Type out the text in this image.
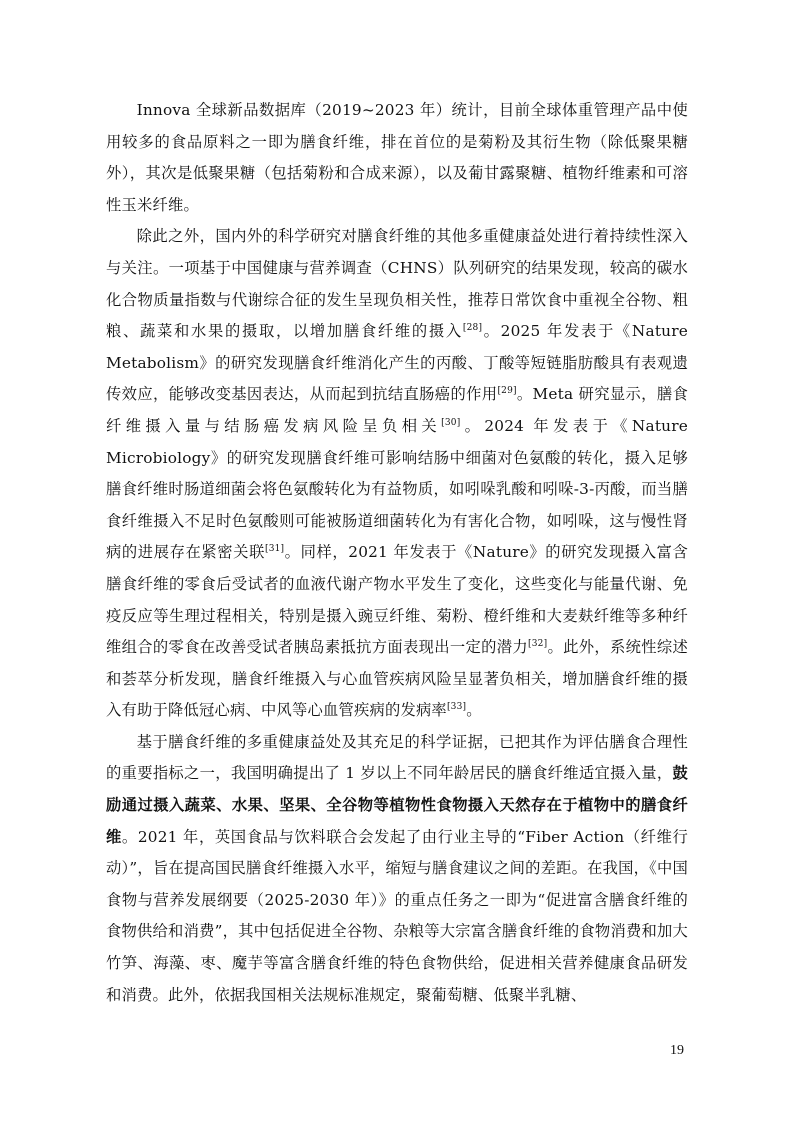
Innova 全球新品数据库（2019~2023 年）统计，目前全球体重管理产品中使用较多的食品原料之一即为膳食纤维，排在首位的是菊粉及其衍生物（除低聚果糖外），其次是低聚果糖（包括菊粉和合成来源），以及葡甘露聚糖、植物纤维素和可溶性玉米纤维。

除此之外，国内外的科学研究对膳食纤维的其他多重健康益处进行着持续性深入与关注。一项基于中国健康与营养调查（CHNS）队列研究的结果发现，较高的碳水化合物质量指数与代谢综合征的发生呈现负相关性，推荐日常饮食中重视全谷物、粗粮、蔬菜和水果的摄取，以增加膳食纤维的摄入[28]。2025 年发表于《Nature Metabolism》的研究发现膳食纤维消化产生的丙酸、丁酸等短链脂肪酸具有表观遗传效应，能够改变基因表达，从而起到抗结直肠癌的作用[29]。Meta 研究显示，膳食纤维摄入量与结肠癌发病风险呈负相关[30]。2024 年发表于《Nature Microbiology》的研究发现膳食纤维可影响结肠中细菌对色氨酸的转化，摄入足够膳食纤维时肠道细菌会将色氨酸转化为有益物质，如吲哚乳酸和吲哚-3-丙酸，而当膳食纤维摄入不足时色氨酸则可能被肠道细菌转化为有害化合物，如吲哚，这与慢性肾病的进展存在紧密关联[31]。同样，2021 年发表于《Nature》的研究发现摄入富含膳食纤维的零食后受试者的血液代谢产物水平发生了变化，这些变化与能量代谢、免疫反应等生理过程相关，特别是摄入豌豆纤维、菊粉、橙纤维和大麦麸纤维等多种纤维组合的零食在改善受试者胰岛素抵抗方面表现出一定的潜力[32]。此外，系统性综述和荟萃分析发现，膳食纤维摄入与心血管疾病风险呈显著负相关，增加膳食纤维的摄入有助于降低冠心病、中风等心血管疾病的发病率[33]。

基于膳食纤维的多重健康益处及其充足的科学证据，已把其作为评估膳食合理性的重要指标之一，我国明确提出了 1 岁以上不同年龄居民的膳食纤维适宜摄入量，鼓励通过摄入蔬菜、水果、坚果、全谷物等植物性食物摄入天然存在于植物中的膳食纤维。2021 年，英国食品与饮料联合会发起了由行业主导的“Fiber Action（纤维行动）”，旨在提高国民膳食纤维摄入水平，缩短与膳食建议之间的差距。在我国，《中国食物与营养发展纲要（2025-2030 年）》的重点任务之一即为“促进富含膳食纤维的食物供给和消费”，其中包括促进全谷物、杂粮等大宗富含膳食纤维的食物消费和加大竹笋、海藻、枣、魔芋等富含膳食纤维的特色食物供给，促进相关营养健康食品研发和消费。此外，依据我国相关法规标准规定，聚葡萄糖、低聚半乳糖、

19
